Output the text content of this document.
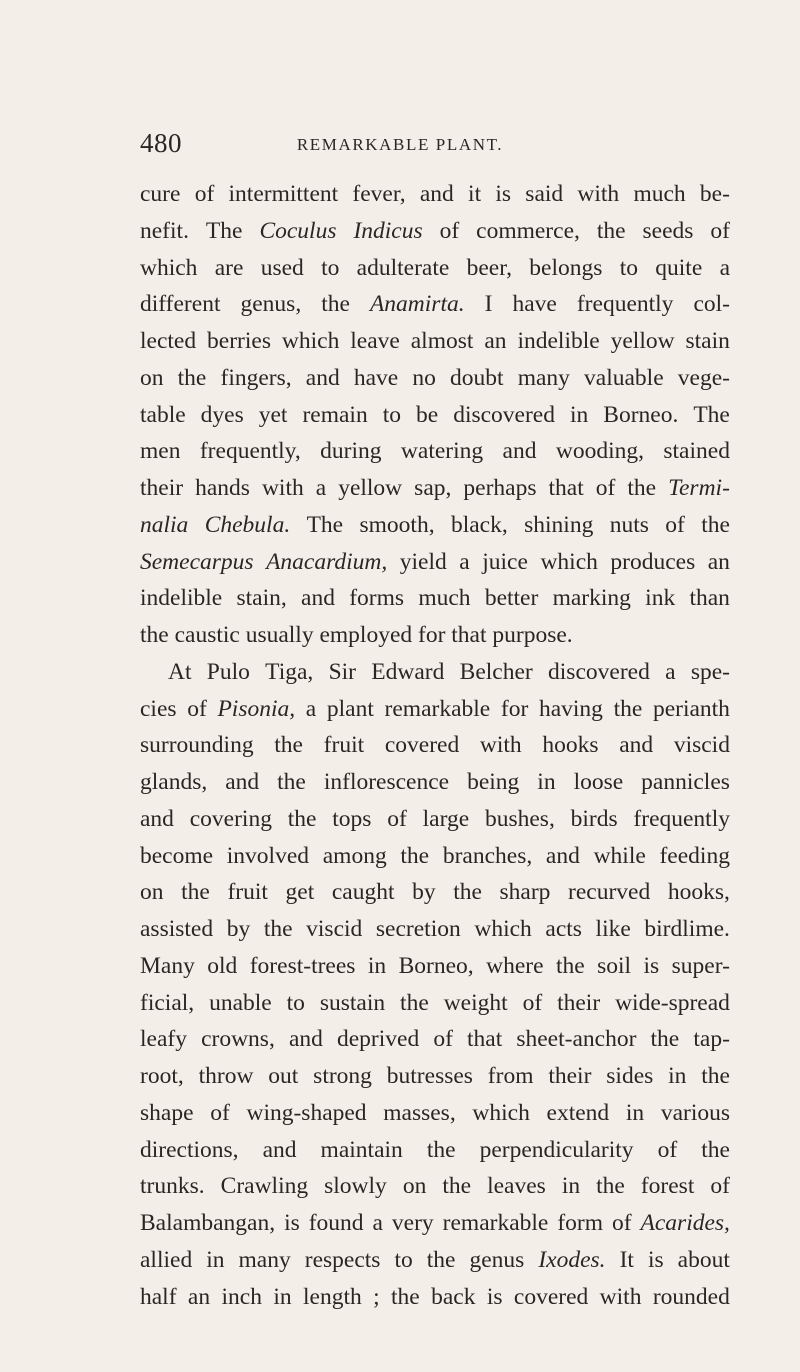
480	REMARKABLE PLANT.
cure of intermittent fever, and it is said with much be-
nefit. The Coculus Indicus of commerce, the seeds of
which are used to adulterate beer, belongs to quite a
different genus, the Anamirta. I have frequently col-
lected berries which leave almost an indelible yellow stain
on the fingers, and have no doubt many valuable vege-
table dyes yet remain to be discovered in Borneo. The
men frequently, during watering and wooding, stained
their hands with a yellow sap, perhaps that of the Termi-
nalia Chebula. The smooth, black, shining nuts of the
Semecarpus Anacardium, yield a juice which produces an
indelible stain, and forms much better marking ink than
the caustic usually employed for that purpose.
At Pulo Tiga, Sir Edward Belcher discovered a spe-
cies of Pisonia, a plant remarkable for having the perianth
surrounding the fruit covered with hooks and viscid
glands, and the inflorescence being in loose pannicles
and covering the tops of large bushes, birds frequently
become involved among the branches, and while feeding
on the fruit get caught by the sharp recurved hooks,
assisted by the viscid secretion which acts like birdlime.
Many old forest-trees in Borneo, where the soil is super-
ficial, unable to sustain the weight of their wide-spread
leafy crowns, and deprived of that sheet-anchor the tap-
root, throw out strong butresses from their sides in the
shape of wing-shaped masses, which extend in various
directions, and maintain the perpendicularity of the
trunks. Crawling slowly on the leaves in the forest of
Balambangan, is found a very remarkable form of Acarides,
allied in many respects to the genus Ixodes. It is about
half an inch in length ; the back is covered with rounded
